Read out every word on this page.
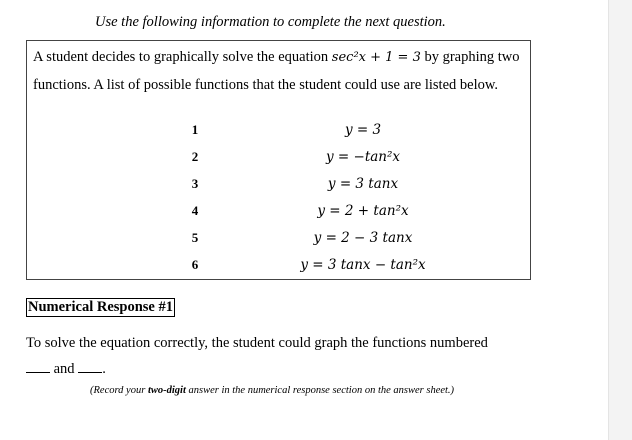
Use the following information to complete the next question.
A student decides to graphically solve the equation sec²x + 1 = 3 by graphing two functions. A list of possible functions that the student could use are listed below.
1	y = 3
2	y = −tan²x
3	y = 3 tanx
4	y = 2 + tan²x
5	y = 2 − 3 tanx
6	y = 3 tanx − tan²x
Numerical Response #1
To solve the equation correctly, the student could graph the functions numbered
and .
(Record your two-digit answer in the numerical response section on the answer sheet.)
